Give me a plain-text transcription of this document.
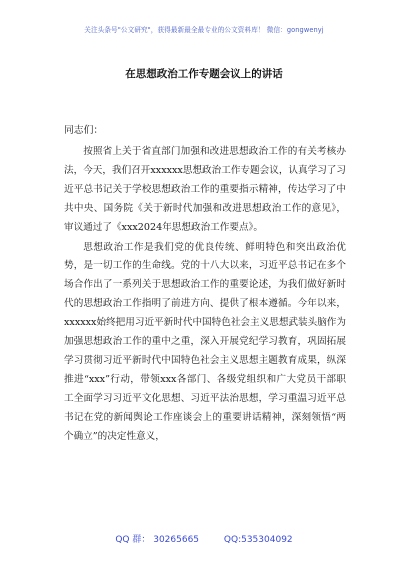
关注头条号"公文研究"，获得最新最全最专业的公文资料库！ 微信：gongwenyj
在思想政治工作专题会议上的讲话
同志们：

按照省上关于省直部门加强和改进思想政治工作的有关考核办法，今天，我们召开xxxxxx思想政治工作专题会议，认真学习了习近平总书记关于学校思想政治工作的重要指示精神，传达学习了中共中央、国务院《关于新时代加强和改进思想政治工作的意见》，审议通过了《xxx2024年思想政治工作要点》。

思想政治工作是我们党的优良传统、鲜明特色和突出政治优势，是一切工作的生命线。党的十八大以来，习近平总书记在多个场合作出了一系列关于思想政治工作的重要论述，为我们做好新时代的思想政治工作指明了前进方向、提供了根本遵循。今年以来，xxxxxx始终把用习近平新时代中国特色社会主义思想武装头脑作为加强思想政治工作的重中之重，深入开展党纪学习教育，巩固拓展学习贯彻习近平新时代中国特色社会主义思想主题教育成果，纵深推进“xxx”行动，带领xxx各部门、各级党组织和广大党员干部职工全面学习习近平文化思想、习近平法治思想，学习重温习近平总书记在党的新闻舆论工作座谈会上的重要讲话精神，深刻领悟“两个确立”的决定性意义，

QQ 群： 30265665	QQ:535304092
